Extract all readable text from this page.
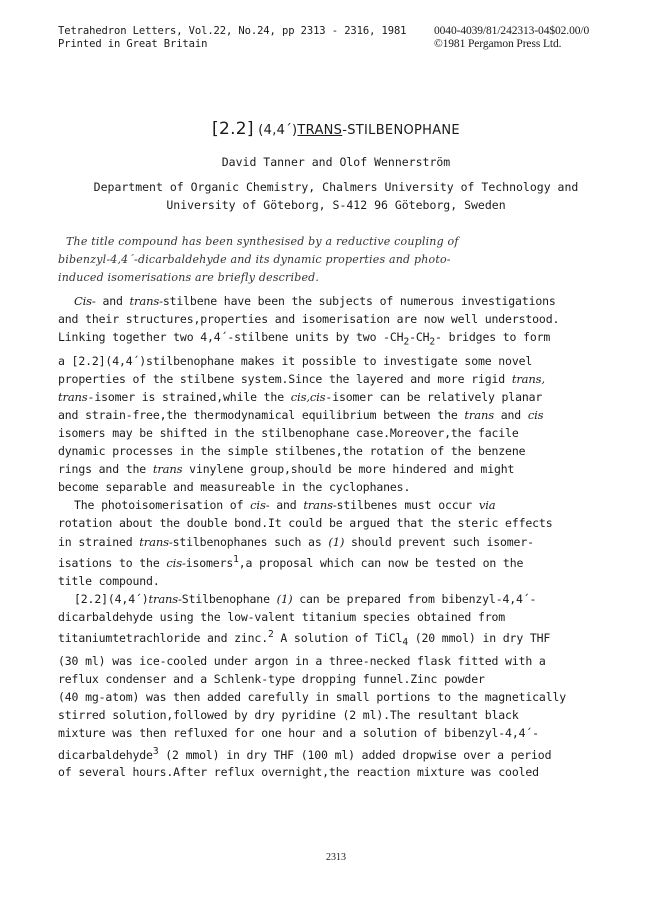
Tetrahedron Letters, Vol.22, No.24, pp 2313 - 2316, 1981
Printed in Great Britain
0040-4039/81/242313-04$02.00/0
©1981 Pergamon Press Ltd.
[2.2] (4,4´)TRANS-STILBENOPHANE
David Tanner and Olof Wennerström
Department of Organic Chemistry, Chalmers University of Technology and
University of Göteborg, S-412 96 Göteborg, Sweden
The title compound has been synthesised by a reductive coupling of
bibenzyl-4,4´-dicarbaldehyde and its dynamic properties and photo-
induced isomerisations are briefly described.
Cis- and trans-stilbene have been the subjects of numerous investigations
and their structures,properties and isomerisation are now well understood.
Linking together two 4,4´-stilbene units by two $-CH_2-CH_2-$ bridges to form
a [2.2](4,4´)stilbenophane makes it possible to investigate some novel
properties of the stilbene system.Since the layered and more rigid trans,
trans-isomer is strained,while the cis,cis-isomer can be relatively planar
and strain-free,the thermodynamical equilibrium between the trans and cis
isomers may be shifted in the stilbenophane case.Moreover,the facile
dynamic processes in the simple stilbenes,the rotation of the benzene
rings and the trans vinylene group,should be more hindered and might
become separable and measureable in the cyclophanes.
The photoisomerisation of cis- and trans-stilbenes must occur via
rotation about the double bond.It could be argued that the steric effects
in strained trans-stilbenophanes such as (1) should prevent such isomer-
isations to the cis-isomers$^1$,a proposal which can now be tested on the
title compound.
[2.2](4,4´)trans-Stilbenophane (1) can be prepared from bibenzyl-4,4´-
dicarbaldehyde using the low-valent titanium species obtained from
titaniumtetrachloride and zinc.$^2$ A solution of TiCl$_4$ (20 mmol) in dry THF
(30 ml) was ice-cooled under argon in a three-necked flask fitted with a
reflux condenser and a Schlenk-type dropping funnel.Zinc powder
(40 mg-atom) was then added carefully in small portions to the magnetically
stirred solution,followed by dry pyridine (2 ml).The resultant black
mixture was then refluxed for one hour and a solution of bibenzyl-4,4´-
dicarbaldehyde$^3$ (2 mmol) in dry THF (100 ml) added dropwise over a period
of several hours.After reflux overnight,the reaction mixture was cooled
2313
